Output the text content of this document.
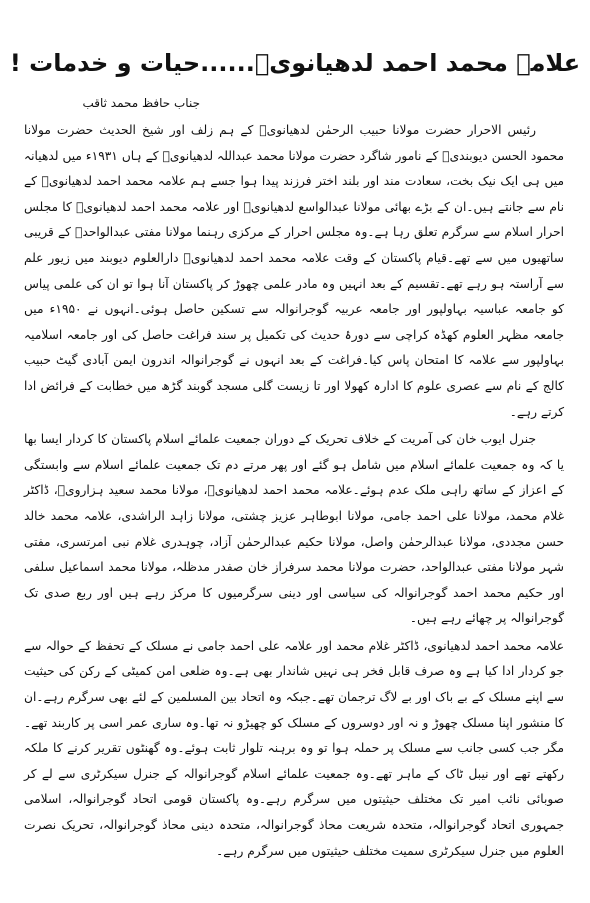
علامہ محمد احمد لدھیانویؒ......حیات و خدمات !
جناب حافظ محمد ثاقب

رئیس الاحرار حضرت مولانا حبیب الرحمٰن لدھیانویؒ کے ہم زلف اور شیخ الحدیث حضرت مولانا محمود الحسن دیوبندیؒ کے نامور شاگرد حضرت مولانا محمد عبداللہ لدھیانویؒ کے ہاں ۱۹۳۱ء میں لدھیانہ میں ہی ایک نیک بخت، سعادت مند اور بلند اختر فرزند پیدا ہوا جسے ہم علامہ محمد احمد لدھیانویؒ کے نام سے جانتے ہیں۔ان کے بڑے بھائی مولانا عبدالواسع لدھیانویؒ اور علامہ محمد احمد لدھیانویؒ کا مجلس احرار اسلام سے سرگرم تعلق رہا ہے۔وہ مجلس احرار کے مرکزی رہنما مولانا مفتی عبدالواحدؒ کے قریبی ساتھیوں میں سے تھے۔قیام پاکستان کے وقت علامہ محمد احمد لدھیانویؒ دارالعلوم دیوبند میں زیور علم سے آراستہ ہو رہے تھے۔تقسیم کے بعد انہیں وہ مادر علمی چھوڑ کر پاکستان آنا ہوا تو ان کی علمی پیاس کو جامعہ عباسیہ بہاولپور اور جامعہ عربیہ گوجرانوالہ سے تسکین حاصل ہوئی۔انہوں نے ۱۹۵۰ء میں جامعہ مظہر العلوم کھڈہ کراچی سے دورۂ حدیث کی تکمیل پر سند فراغت حاصل کی اور جامعہ اسلامیہ بہاولپور سے علامہ کا امتحان پاس کیا۔فراغت کے بعد انہوں نے گوجرانوالہ اندرون ایمن آبادی گیٹ حبیب کالج کے نام سے عصری علوم کا ادارہ کھولا اور تا زیست گلی مسجد گوبند گڑھ میں خطابت کے فرائض ادا کرتے رہے۔

جنرل ایوب خان کی آمریت کے خلاف تحریک کے دوران جمعیت علمائے اسلام پاکستان کا کردار ایسا بھا یا کہ وہ جمعیت علمائے اسلام میں شامل ہو گئے اور پھر مرتے دم تک جمعیت علمائے اسلام سے وابستگی کے اعزاز کے ساتھ راہی ملک عدم ہوئے۔علامہ محمد احمد لدھیانویؒ، مولانا محمد سعید ہزارویؒ، ڈاکٹر غلام محمد، مولانا علی احمد جامی، مولانا ابوطاہر عزیز چشتی، مولانا زاہد الراشدی، علامہ محمد خالد حسن مجددی، مولانا عبدالرحمٰن واصل، مولانا حکیم عبدالرحمٰن آزاد، چوہدری غلام نبی امرتسری، مفتی شہر مولانا مفتی عبدالواحد، حضرت مولانا محمد سرفراز خان صفدر مدظلہ، مولانا محمد اسماعیل سلفی اور حکیم محمد احمد گوجرانوالہ کی سیاسی اور دینی سرگرمیوں کا مرکز رہے ہیں اور ربع صدی تک گوجرانوالہ پر چھائے رہے ہیں۔

علامہ محمد احمد لدھیانوی، ڈاکٹر غلام محمد اور علامہ علی احمد جامی نے مسلک کے تحفظ کے حوالہ سے جو کردار ادا کیا ہے وہ صرف قابل فخر ہی نہیں شاندار بھی ہے۔وہ ضلعی امن کمیٹی کے رکن کی حیثیت سے اپنے مسلک کے بے باک اور بے لاگ ترجمان تھے۔جبکہ وہ اتحاد بین المسلمین کے لئے بھی سرگرم رہے۔ان کا منشور اپنا مسلک چھوڑ و نہ اور دوسروں کے مسلک کو چھیڑو نہ تھا۔وہ ساری عمر اسی پر کاربند تھے۔مگر جب کسی جانب سے مسلک پر حملہ ہوا تو وہ برہنہ تلوار ثابت ہوئے۔وہ گھنٹوں تقریر کرنے کا ملکہ رکھتے تھے اور نیبل ٹاک کے ماہر تھے۔وہ جمعیت علمائے اسلام گوجرانوالہ کے جنرل سیکرٹری سے لے کر صوبائی نائب امیر تک مختلف حیثیتوں میں سرگرم رہے۔وہ پاکستان قومی اتحاد گوجرانوالہ، اسلامی جمہوری اتحاد گوجرانوالہ، متحدہ شریعت محاذ گوجرانوالہ، متحدہ دینی محاذ گوجرانوالہ، تحریک نصرت العلوم میں جنرل سیکرٹری سمیت مختلف حیثیتوں میں سرگرم رہے۔
